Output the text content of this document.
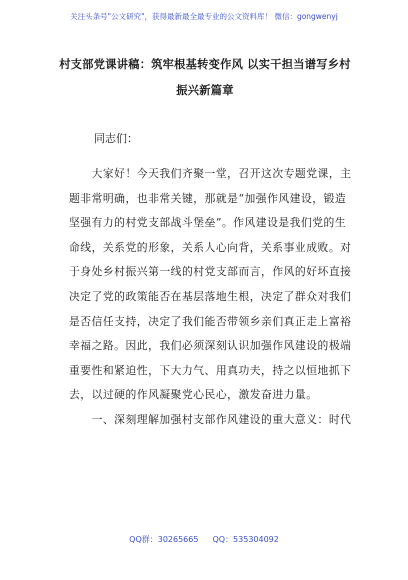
关注头条号"公文研究"，获得最新最全最专业的公文资料库！ 微信：gongwenyj
村支部党课讲稿：筑牢根基转变作风 以实干担当谱写乡村
振兴新篇章
同志们：
　　大家好！今天我们齐聚一堂，召开这次专题党课，主
题非常明确，也非常关键，那就是“加强作风建设，锻造
坚强有力的村党支部战斗堡垒”。作风建设是我们党的生
命线，关系党的形象，关系人心向背，关系事业成败。对
于身处乡村振兴第一线的村党支部而言，作风的好坏直接
决定了党的政策能否在基层落地生根，决定了群众对我们
是否信任支持，决定了我们能否带领乡亲们真正走上富裕
幸福之路。因此，我们必须深刻认识加强作风建设的极端
重要性和紧迫性，下大力气、用真功夫，持之以恒地抓下
去，以过硬的作风凝聚党心民心，激发奋进力量。
　　一、深刻理解加强村支部作风建设的重大意义：时代
QQ群：30265665 QQ：535304092
